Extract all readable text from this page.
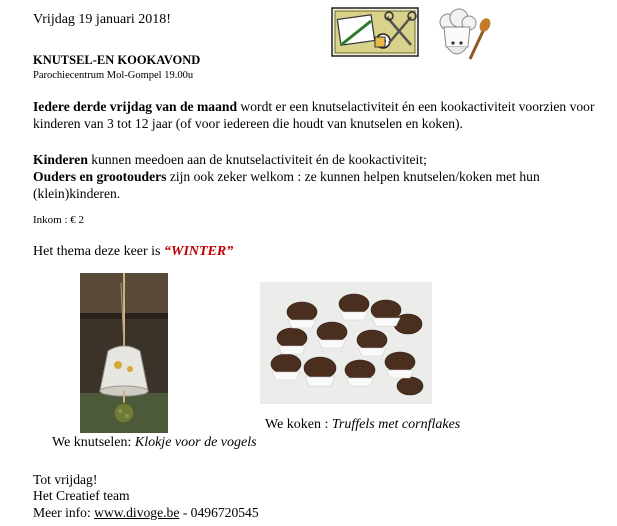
Vrijdag 19 januari 2018!
KNUTSEL-EN KOOKAVOND
Parochiecentrum Mol-Gompel 19.00u
Iedere derde vrijdag van de maand wordt er een knutselactiviteit én een kookactiviteit voorzien voor kinderen van 3 tot 12 jaar (of voor iedereen die houdt van knutselen en koken).
Kinderen kunnen meedoen aan de knutselactiviteit én de kookactiviteit;
Ouders en grootouders zijn ook zeker welkom : ze kunnen helpen knutselen/koken met hun (klein)kinderen.
Inkom : € 2
Het thema deze keer is “WINTER”
We koken : Truffels met cornflakes
We knutselen: Klokje voor de vogels
Tot vrijdag!
Het Creatief team
Meer info: www.divoge.be - 0496720545
